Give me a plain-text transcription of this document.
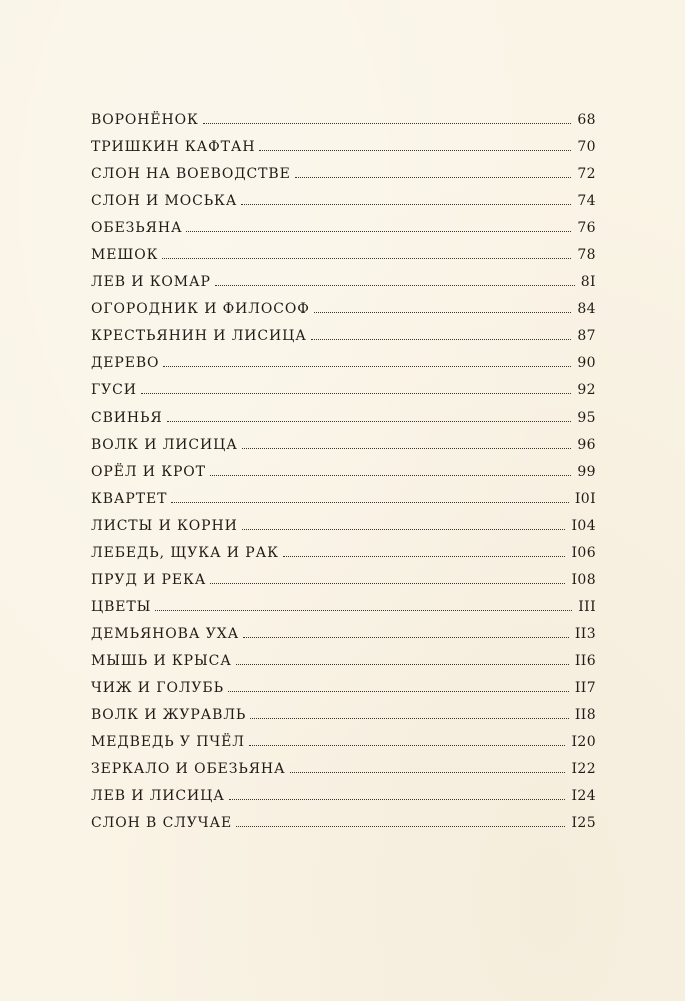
ВОРОНЁНОК	68
ТРИШКИН КАФТАН	70
СЛОН НА ВОЕВОДСТВЕ	72
СЛОН И МОСЬКА	74
ОБЕЗЬЯНА	76
МЕШОК	78
ЛЕВ И КОМАР	8I
ОГОРОДНИК И ФИЛОСОФ	84
КРЕСТЬЯНИН И ЛИСИЦА	87
ДЕРЕВО	90
ГУСИ	92
СВИНЬЯ	95
ВОЛК И ЛИСИЦА	96
ОРЁЛ И КРОТ	99
КВАРТЕТ	I0I
ЛИСТЫ И КОРНИ	I04
ЛЕБЕДЬ, ЩУКА И РАК	I06
ПРУД И РЕКА	I08
ЦВЕТЫ	III
ДЕМЬЯНОВА УХА	II3
МЫШЬ И КРЫСА	II6
ЧИЖ И ГОЛУБЬ	II7
ВОЛК И ЖУРАВЛЬ	II8
МЕДВЕДЬ У ПЧЁЛ	I20
ЗЕРКАЛО И ОБЕЗЬЯНА	I22
ЛЕВ И ЛИСИЦА	I24
СЛОН В СЛУЧАЕ	I25
